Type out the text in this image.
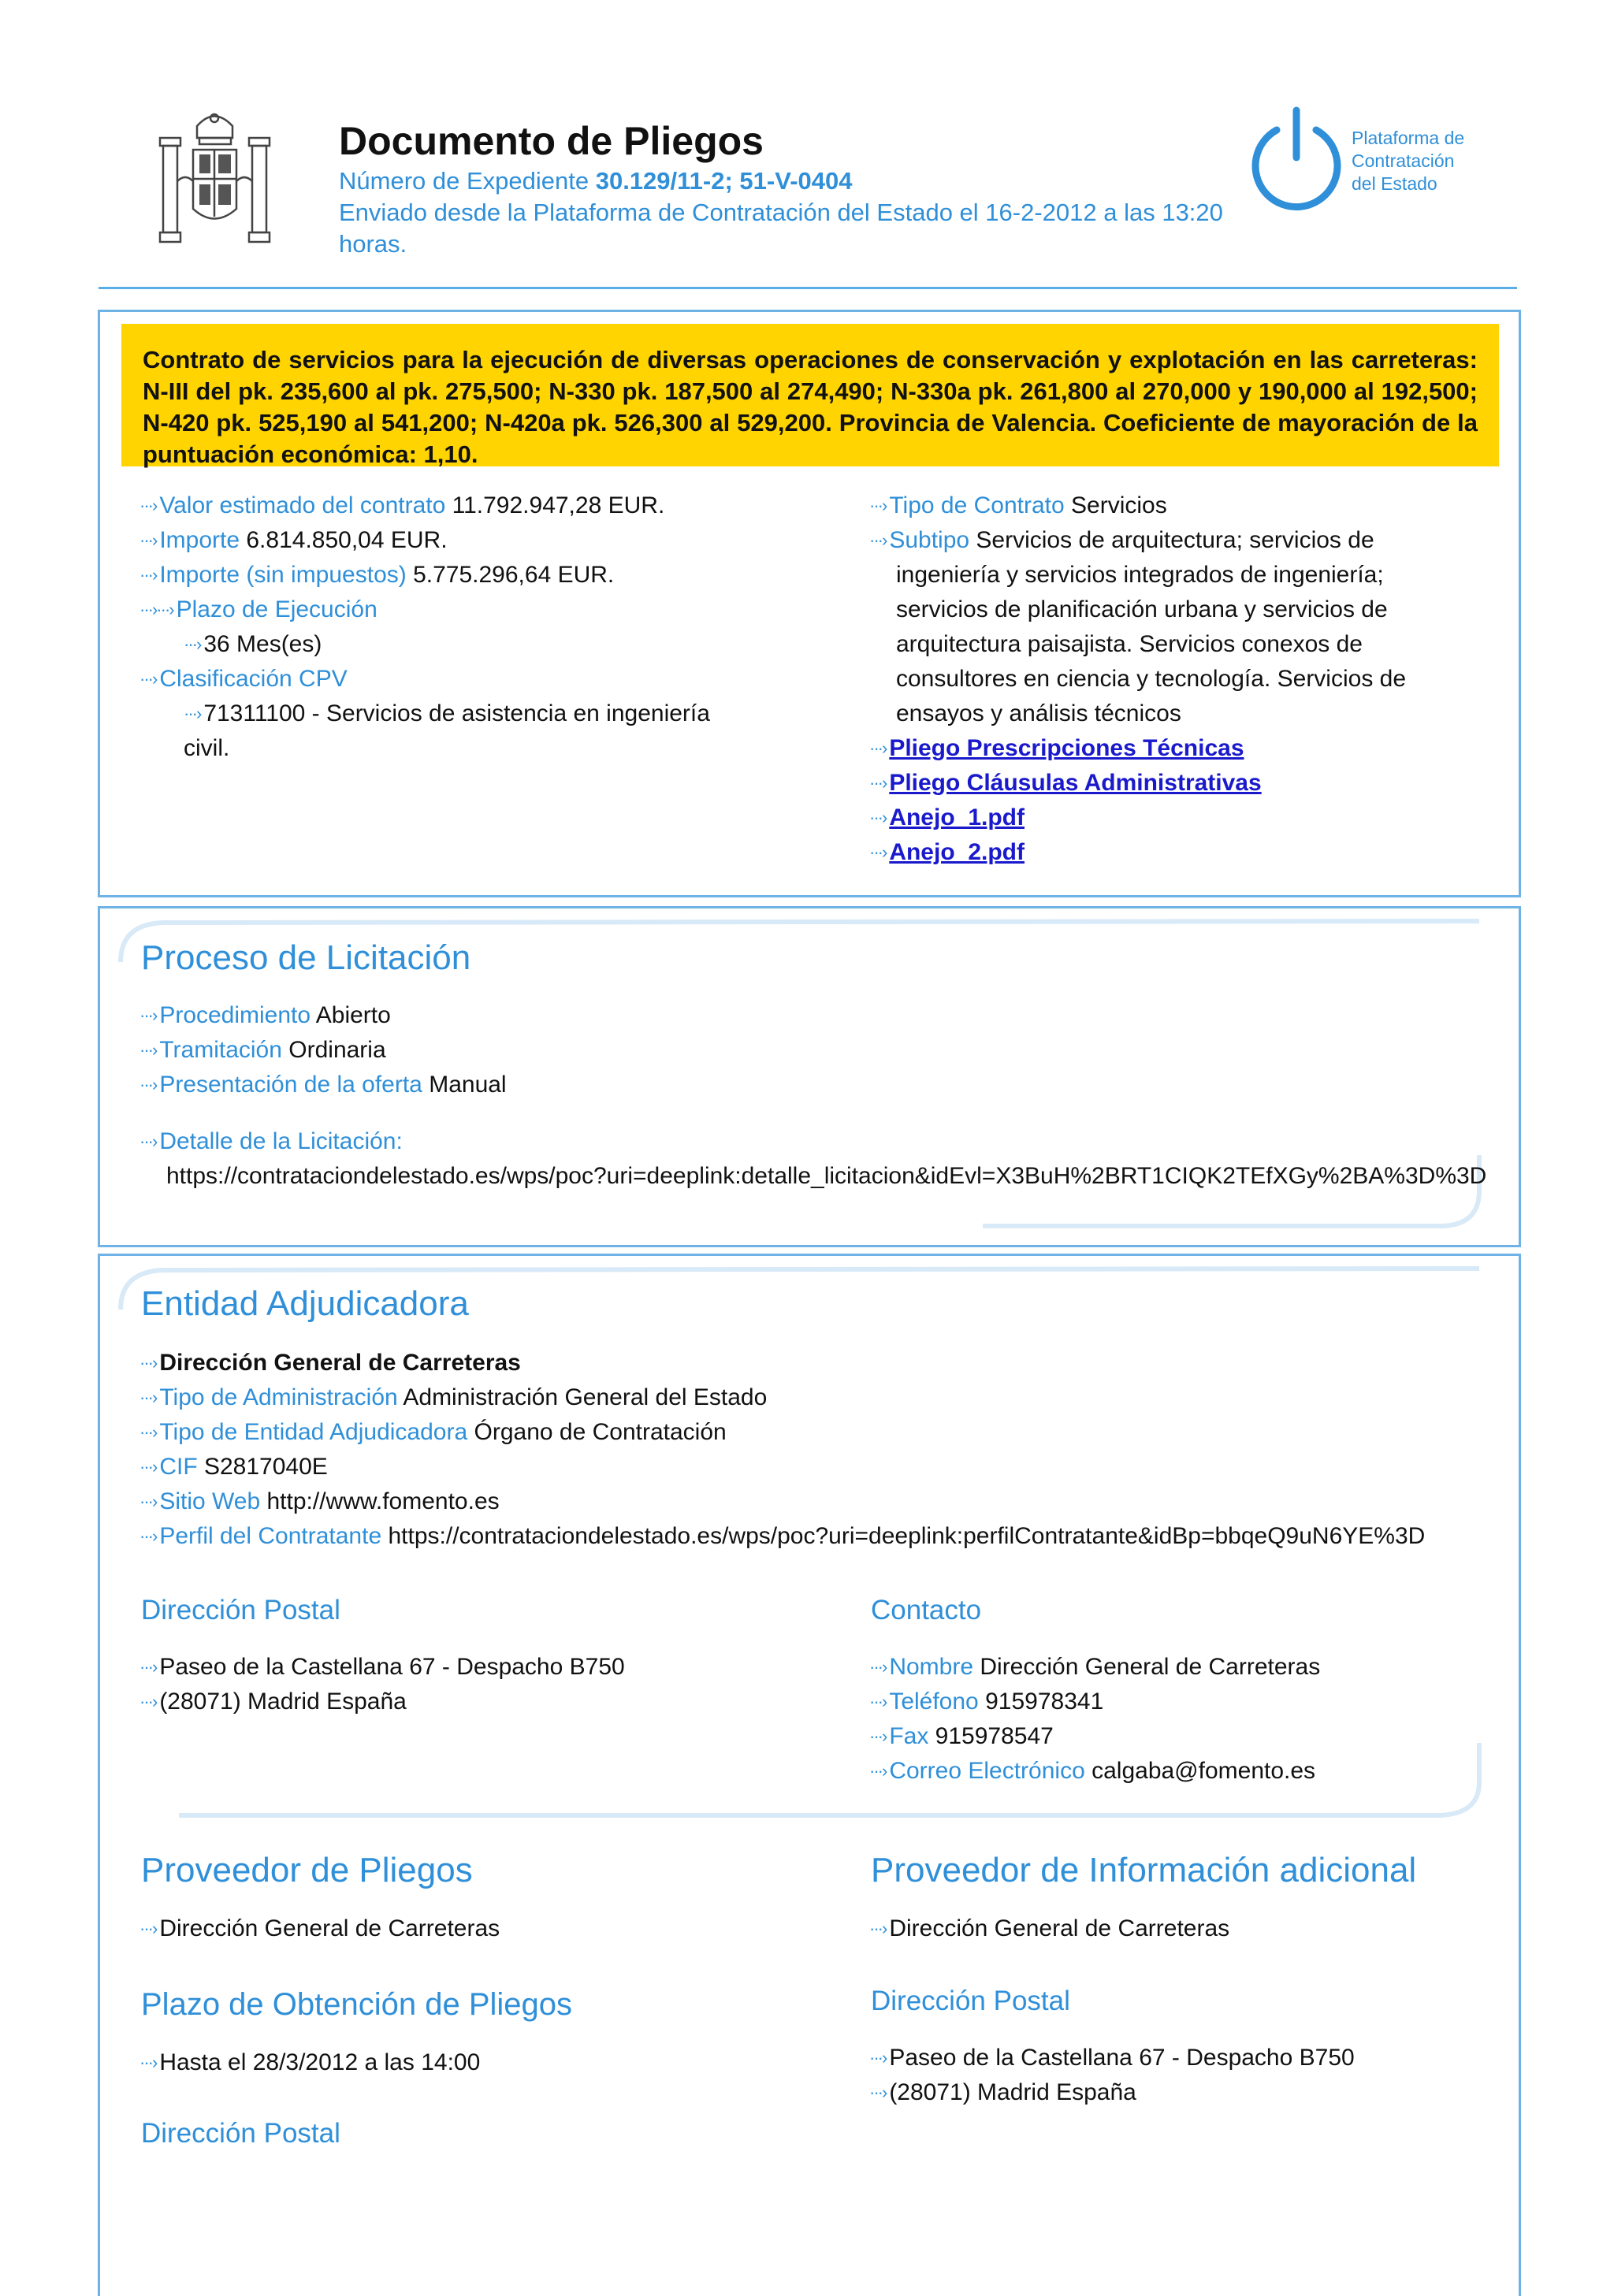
Documento de Pliegos
Número de Expediente 30.129/11-2; 51-V-0404
Enviado desde la Plataforma de Contratación del Estado el 16-2-2012 a las 13:20 horas.
Plataforma de
Contratación
del Estado
Contrato de servicios para la ejecución de diversas operaciones de conservación y explotación en las carreteras: N-III del pk. 235,600 al pk. 275,500; N-330 pk. 187,500 al 274,490; N-330a pk. 261,800 al 270,000 y 190,000 al 192,500; N-420 pk. 525,190 al 541,200; N-420a pk. 526,300 al 529,200. Provincia de Valencia. Coeficiente de mayoración de la puntuación económica: 1,10.
···› Valor estimado del contrato 11.792.947,28 EUR.
···› Importe 6.814.850,04 EUR.
···› Importe (sin impuestos) 5.775.296,64 EUR.
···›···› Plazo de Ejecución
···› 36 Mes(es)
···› Clasificación CPV
···› 71311100 - Servicios de asistencia en ingeniería civil.
···› Tipo de Contrato Servicios
···› Subtipo Servicios de arquitectura; servicios de ingeniería y servicios integrados de ingeniería; servicios de planificación urbana y servicios de arquitectura paisajista. Servicios conexos de consultores en ciencia y tecnología. Servicios de ensayos y análisis técnicos
···› Pliego Prescripciones Técnicas
···› Pliego Cláusulas Administrativas
···› Anejo_1.pdf
···› Anejo_2.pdf
Proceso de Licitación
···› Procedimiento Abierto
···› Tramitación Ordinaria
···› Presentación de la oferta Manual
···› Detalle de la Licitación:
https://contrataciondelestado.es/wps/poc?uri=deeplink:detalle_licitacion&idEvl=X3BuH%2BRT1CIQK2TEfXGy%2BA%3D%3D
Entidad Adjudicadora
···› Dirección General de Carreteras
···› Tipo de Administración Administración General del Estado
···› Tipo de Entidad Adjudicadora Órgano de Contratación
···› CIF S2817040E
···› Sitio Web http://www.fomento.es
···› Perfil del Contratante https://contrataciondelestado.es/wps/poc?uri=deeplink:perfilContratante&idBp=bbqeQ9uN6YE%3D
Dirección Postal
···› Paseo de la Castellana 67 - Despacho B750
···› (28071) Madrid España
Contacto
···› Nombre Dirección General de Carreteras
···› Teléfono 915978341
···› Fax 915978547
···› Correo Electrónico calgaba@fomento.es
Proveedor de Pliegos
···› Dirección General de Carreteras
Proveedor de Información adicional
···› Dirección General de Carreteras
Plazo de Obtención de Pliegos
···› Hasta el 28/3/2012 a las 14:00
Dirección Postal
···› Paseo de la Castellana 67 - Despacho B750
···› (28071) Madrid España
Dirección Postal
